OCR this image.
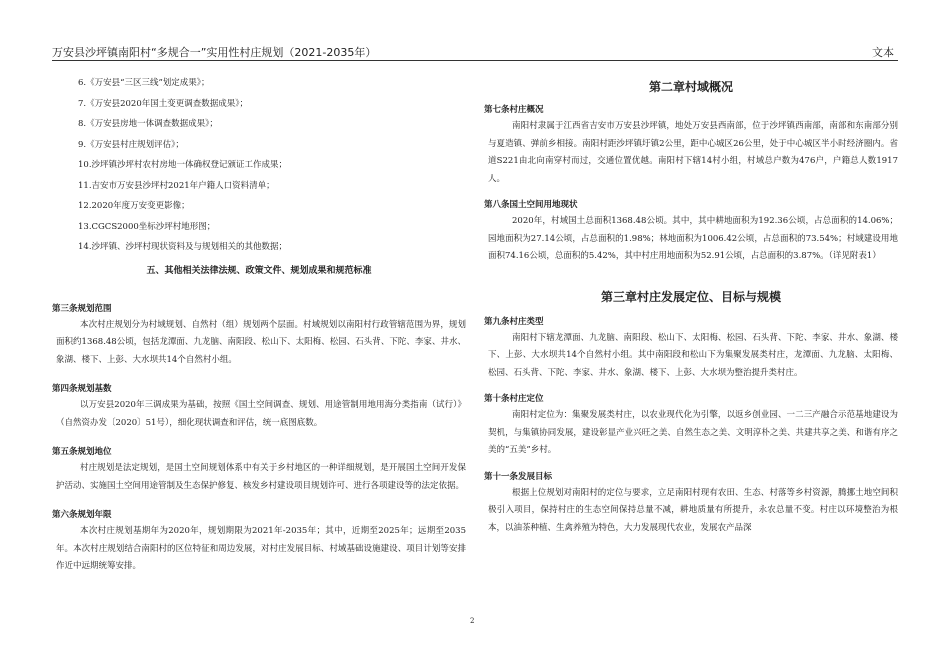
万安县沙坪镇南阳村“多规合一”实用性村庄规划（2021-2035年）	文本
6.《万安县“三区三线”划定成果》；
7.《万安县2020年国土变更调查数据成果》；
8.《万安县房地一体调查数据成果》；
9.《万安县村庄规划评估》；
10.沙坪镇沙坪村农村房地一体确权登记颁证工作成果；
11.吉安市万安县沙坪村2021年户籍人口资料清单；
12.2020年度万安变更影像；
13.CGCS2000坐标沙坪村地形图；
14.沙坪镇、沙坪村现状资料及与规划相关的其他数据；
五、其他相关法律法规、政策文件、规划成果和规范标准
第三条规划范围
本次村庄规划分为村域规划、自然村（组）规划两个层面。村域规划以南阳村行政管辖范围为界，规划面积约1368.48公顷，包括龙潭面、九龙脑、南阳段、松山下、太阳梅、松园、石头背、下陀、李家、井水、象湖、楼下、上彭、大水坝共14个自然村小组。
第四条规划基数
以万安县2020年三调成果为基础，按照《国土空间调查、规划、用途管制用地用海分类指南（试行）》（自然资办发〔2020〕51号），细化现状调查和评估，统一底图底数。
第五条规划地位
村庄规划是法定规划，是国土空间规划体系中有关于乡村地区的一种详细规划，是开展国土空间开发保护活动、实施国土空间用途管制及生态保护修复、核发乡村建设项目规划许可、进行各项建设等的法定依据。
第六条规划年限
本次村庄规划基期年为2020年，规划期限为2021年-2035年；其中，近期至2025年；远期至2035年。本次村庄规划结合南阳村的区位特征和周边发展，对村庄发展目标、村域基础设施建设、项目计划等安排作近中远期统筹安排。
第二章村域概况
第七条村庄概况
南阳村隶属于江西省吉安市万安县沙坪镇，地处万安县西南部，位于沙坪镇西南部，南部和东南部分别与夏造镇、弹前乡相接。南阳村距沙坪镇圩镇2公里，距中心城区26公里，处于中心城区半小时经济圈内。省道S221由北向南穿村而过，交通位置优越。南阳村下辖14村小组，村域总户数为476户，户籍总人数1917人。
第八条国土空间用地现状
2020年，村域国土总面积1368.48公顷。其中，其中耕地面积为192.36公顷，占总面积的14.06%；园地面积为27.14公顷，占总面积的1.98%；林地面积为1006.42公顷，占总面积的73.54%；村域建设用地面积74.16公顷，总面积的5.42%，其中村庄用地面积为52.91公顷，占总面积的3.87%。（详见附表1）
第三章村庄发展定位、目标与规模
第九条村庄类型
南阳村下辖龙潭面、九龙脑、南阳段、松山下、太阳梅、松园、石头背、下陀、李家、井水、象湖、楼下、上彭、大水坝共14个自然村小组。其中南阳段和松山下为集聚发展类村庄，龙潭面、九龙脑、太阳梅、松园、石头背、下陀、李家、井水、象湖、楼下、上彭、大水坝为整治提升类村庄。
第十条村庄定位
南阳村定位为：集聚发展类村庄，以农业现代化为引擎，以返乡创业园、一二三产融合示范基地建设为契机，与集镇协同发展，建设彰显产业兴旺之美、自然生态之美、文明淳朴之美、共建共享之美、和谐有序之美的“五美”乡村。
第十一条发展目标
根据上位规划对南阳村的定位与要求，立足南阳村现有农田、生态、村落等乡村资源，腾挪土地空间积极引入项目，保持村庄的生态空间保持总量不减，耕地质量有所提升，永农总量不变。村庄以环境整治为根本，以油茶种植、生禽养殖为特色，大力发展现代农业，发展农产品深
2
